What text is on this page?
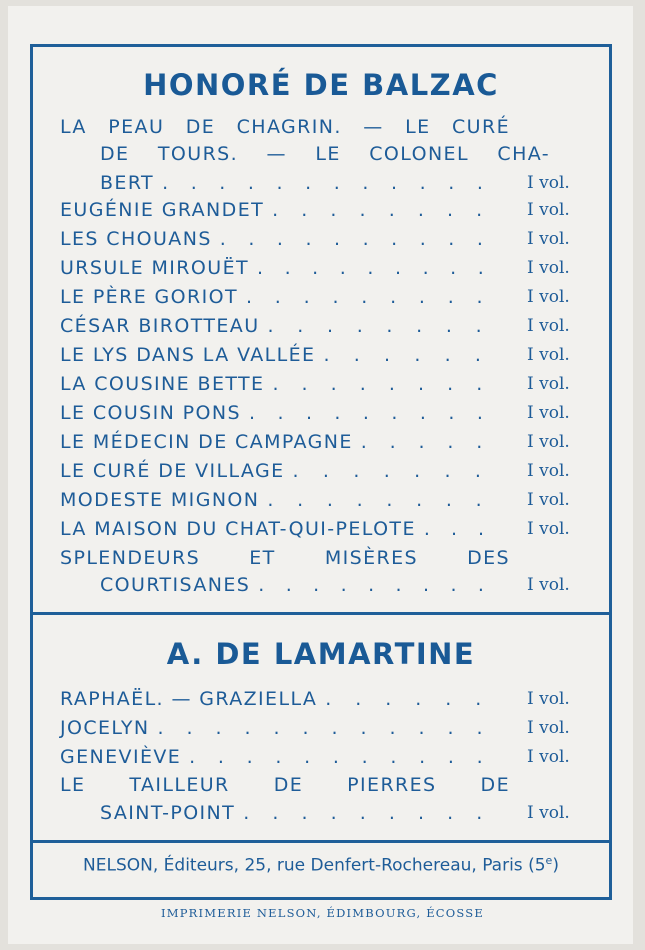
HONORÉ DE BALZAC
A. DE LAMARTINE
LA PEAU DE CHAGRIN. — LE CURÉ
DE TOURS. — LE COLONEL CHA-
BERT ............ I vol.
EUGÉNIE GRANDET ........ I vol.
LES CHOUANS .......... I vol.
URSULE MIROUËT ......... I vol.
LE PÈRE GORIOT ......... I vol.
CÉSAR BIROTTEAU ........ I vol.
LE LYS DANS LA VALLÉE ...... I vol.
LA COUSINE BETTE ........ I vol.
LE COUSIN PONS ......... I vol.
LE MÉDECIN DE CAMPAGNE ..... I vol.
LE CURÉ DE VILLAGE ....... I vol.
MODESTE MIGNON ........ I vol.
LA MAISON DU CHAT-QUI-PELOTE ... I vol.
SPLENDEURS ET MISÈRES DES
COURTISANES ......... I vol.
RAPHAËL. — GRAZIELLA ...... I vol.
JOCELYN ............ I vol.
GENEVIÈVE ........... I vol.
LE TAILLEUR DE PIERRES DE
SAINT-POINT ......... I vol.
NELSON, Éditeurs, 25, rue Denfert-Rochereau, Paris (5e)
IMPRIMERIE NELSON, ÉDIMBOURG, ÉCOSSE
